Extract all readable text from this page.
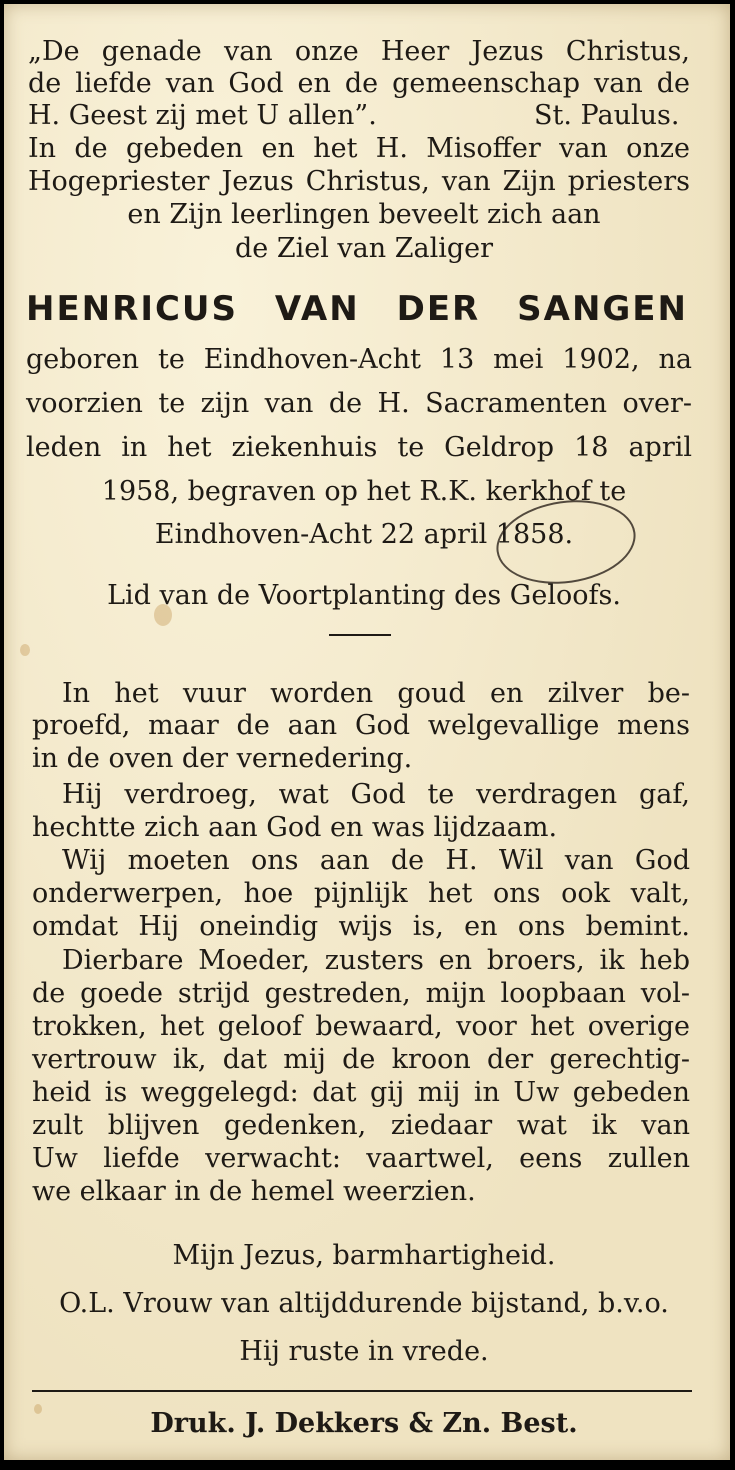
„De genade van onze Heer Jezus Christus,
de liefde van God en de gemeenschap van de
H. Geest zij met U allen”.	St. Paulus.
In de gebeden en het H. Misoffer van onze
Hogepriester Jezus Christus, van Zijn priesters
en Zijn leerlingen beveelt zich aan
de Ziel van Zaliger
HENRICUS VAN DER SANGEN
geboren te Eindhoven-Acht 13 mei 1902, na
voorzien te zijn van de H. Sacramenten over-
leden in het ziekenhuis te Geldrop 18 april
1958, begraven op het R.K. kerkhof te
Eindhoven-Acht 22 april 1858.
Lid van de Voortplanting des Geloofs.
In het vuur worden goud en zilver be-
proefd, maar de aan God welgevallige mens
in de oven der vernedering.
Hij verdroeg, wat God te verdragen gaf,
hechtte zich aan God en was lijdzaam.
Wij moeten ons aan de H. Wil van God
onderwerpen, hoe pijnlijk het ons ook valt,
omdat Hij oneindig wijs is, en ons bemint.
Dierbare Moeder, zusters en broers, ik heb
de goede strijd gestreden, mijn loopbaan vol-
trokken, het geloof bewaard, voor het overige
vertrouw ik, dat mij de kroon der gerechtig-
heid is weggelegd: dat gij mij in Uw gebeden
zult blijven gedenken, ziedaar wat ik van
Uw liefde verwacht: vaartwel, eens zullen
we elkaar in de hemel weerzien.
Mijn Jezus, barmhartigheid.
O.L. Vrouw van altijddurende bijstand, b.v.o.
Hij ruste in vrede.
Druk. J. Dekkers & Zn. Best.
